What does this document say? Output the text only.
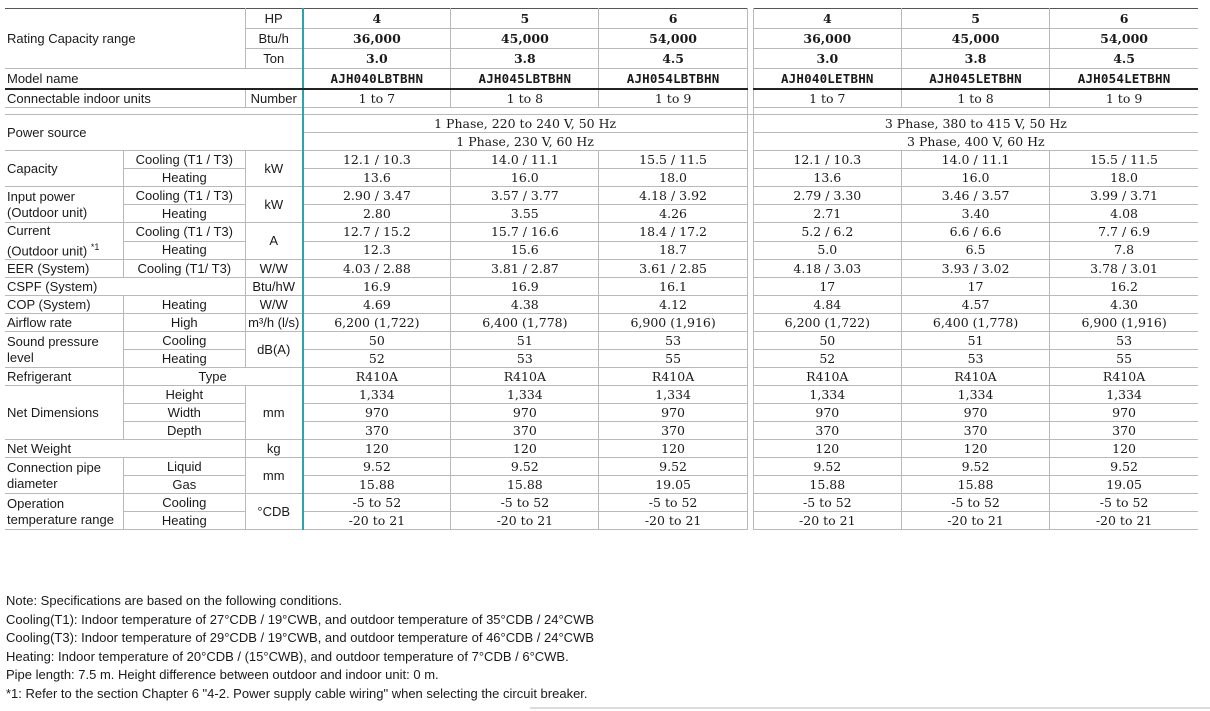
Rating Capacity range		HP	4	5	6		4	5	6
		Btu/h	36,000	45,000	54,000		36,000	45,000	54,000
		Ton	3.0	3.8	4.5		3.0	3.8	4.5
Model name			AJH040LBTBHN	AJH045LBTBHN	AJH054LBTBHN		AJH040LETBHN	AJH045LETBHN	AJH054LETBHN
Connectable indoor units		Number	1 to 7	1 to 8	1 to 9		1 to 7	1 to 8	1 to 9

Power source			1 Phase, 220 to 240 V, 50 Hz				3 Phase, 380 to 415 V, 50 Hz		
			1 Phase, 230 V, 60 Hz				3 Phase, 400 V, 60 Hz		
Capacity	Cooling (T1 / T3)	kW	12.1 / 10.3	14.0 / 11.1	15.5 / 11.5		12.1 / 10.3	14.0 / 11.1	15.5 / 11.5
	Heating		13.6	16.0	18.0		13.6	16.0	18.0
Input power
(Outdoor unit)	Cooling (T1 / T3)	kW	2.90 / 3.47	3.57 / 3.77	4.18 / 3.92		2.79 / 3.30	3.46 / 3.57	3.99 / 3.71
	Heating		2.80	3.55	4.26		2.71	3.40	4.08
Current
(Outdoor unit) $^{*1}$	Cooling (T1 / T3)	A	12.7 / 15.2	15.7 / 16.6	18.4 / 17.2		5.2 / 6.2	6.6 / 6.6	7.7 / 6.9
	Heating		12.3	15.6	18.7		5.0	6.5	7.8
EER (System)	Cooling (T1/ T3)	W/W	4.03 / 2.88	3.81 / 2.87	3.61 / 2.85		4.18 / 3.03	3.93 / 3.02	3.78 / 3.01
CSPF (System)		Btu/hW	16.9	16.9	16.1		17	17	16.2
COP (System)	Heating	W/W	4.69	4.38	4.12		4.84	4.57	4.30
Airflow rate	High	m³/h (l/s)	6,200 (1,722)	6,400 (1,778)	6,900 (1,916)		6,200 (1,722)	6,400 (1,778)	6,900 (1,916)
Sound pressure
level	Cooling	dB(A)	50	51	53		50	51	53
	Heating		52	53	55		52	53	55
Refrigerant	Type		R410A	R410A	R410A		R410A	R410A	R410A
Net Dimensions	Height	mm	1,334	1,334	1,334		1,334	1,334	1,334
	Width		970	970	970		970	970	970
	Depth		370	370	370		370	370	370
Net Weight		kg	120	120	120		120	120	120
Connection pipe
diameter	Liquid	mm	9.52	9.52	9.52		9.52	9.52	9.52
	Gas		15.88	15.88	19.05		15.88	15.88	19.05
Operation
temperature range	Cooling	°CDB	-5 to 52	-5 to 52	-5 to 52		-5 to 52	-5 to 52	-5 to 52
	Heating		-20 to 21	-20 to 21	-20 to 21		-20 to 21	-20 to 21	-20 to 21
Note: Specifications are based on the following conditions.
Cooling(T1): Indoor temperature of 27°CDB / 19°CWB, and outdoor temperature of 35°CDB / 24°CWB
Cooling(T3): Indoor temperature of 29°CDB / 19°CWB, and outdoor temperature of 46°CDB / 24°CWB
Heating: Indoor temperature of 20°CDB / (15°CWB), and outdoor temperature of 7°CDB / 6°CWB.
Pipe length: 7.5 m. Height difference between outdoor and indoor unit: 0 m.
*1: Refer to the section Chapter 6 "4-2. Power supply cable wiring" when selecting the circuit breaker.
